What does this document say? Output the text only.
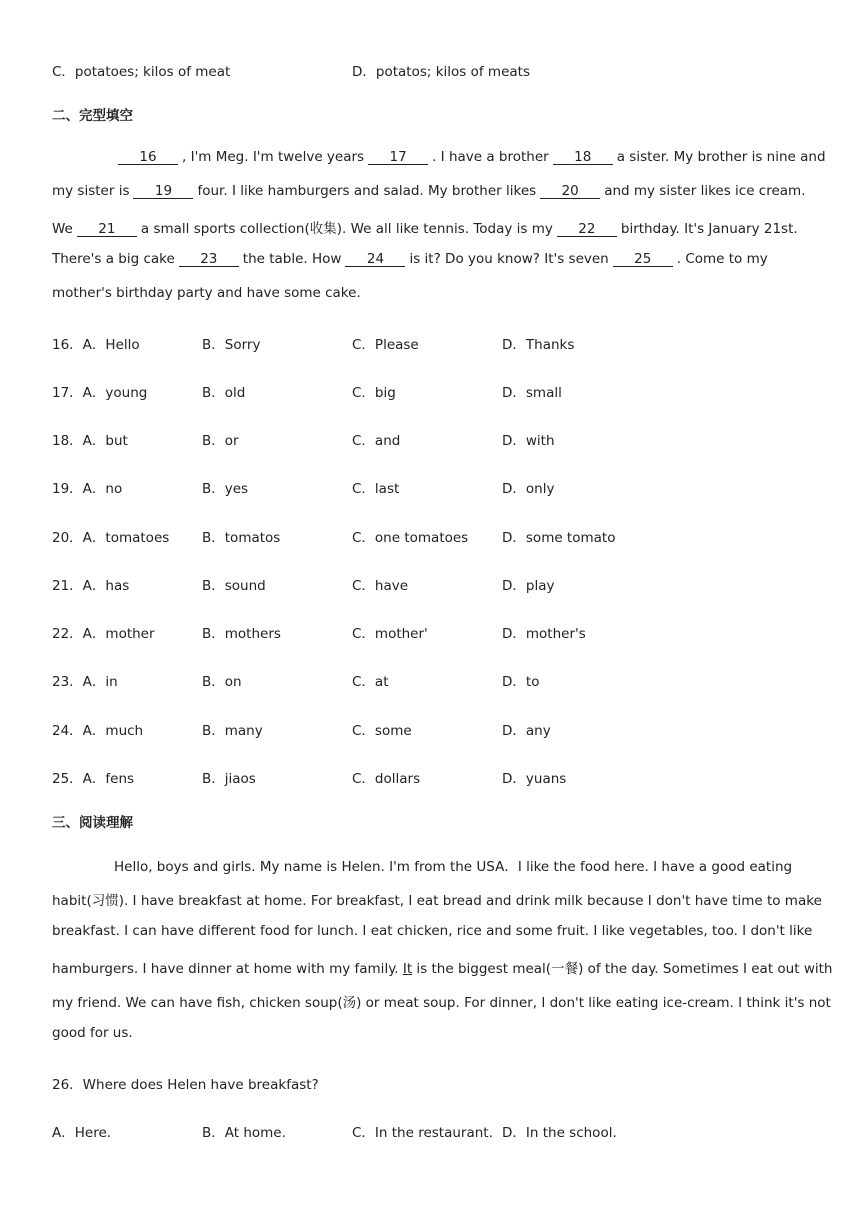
C．potatoes; kilos of meat	D．potatos; kilos of meats
二、完型填空
16 , I'm Meg. I'm twelve years 17 . I have a brother 18 a sister. My brother is nine and
my sister is 19 four. I like hamburgers and salad. My brother likes 20 and my sister likes ice cream.
We 21 a small sports collection(收集). We all like tennis. Today is my 22 birthday. It's January 21st.
There's a big cake 23 the table. How 24 is it? Do you know? It's seven 25 . Come to my
mother's birthday party and have some cake.
16．A．Hello	B．Sorry	C．Please	D．Thanks
17．A．young	B．old	C．big	D．small
18．A．but	B．or	C．and	D．with
19．A．no	B．yes	C．last	D．only
20．A．tomatoes B．tomatos	C．one tomatoes	D．some tomato
21．A．has	B．sound	C．have	D．play
22．A．mother	B．mothers	C．mother'	D．mother's
23．A．in	B．on	C．at	D．to
24．A．much	B．many	C．some	D．any
25．A．fens	B．jiaos	C．dollars	D．yuans
三、阅读理解
Hello, boys and girls. My name is Helen. I'm from the USA．I like the food here. I have a good eating
habit(习惯). I have breakfast at home. For breakfast, I eat bread and drink milk because I don't have time to make
breakfast. I can have different food for lunch. I eat chicken, rice and some fruit. I like vegetables, too. I don't like
hamburgers. I have dinner at home with my family. It is the biggest meal(一餐) of the day. Sometimes I eat out with
my friend. We can have fish, chicken soup(汤) or meat soup. For dinner, I don't like eating ice-cream. I think it's not
good for us.
26．Where does Helen have breakfast?
A．Here.	B．At home.	C．In the restaurant. D．In the school.
